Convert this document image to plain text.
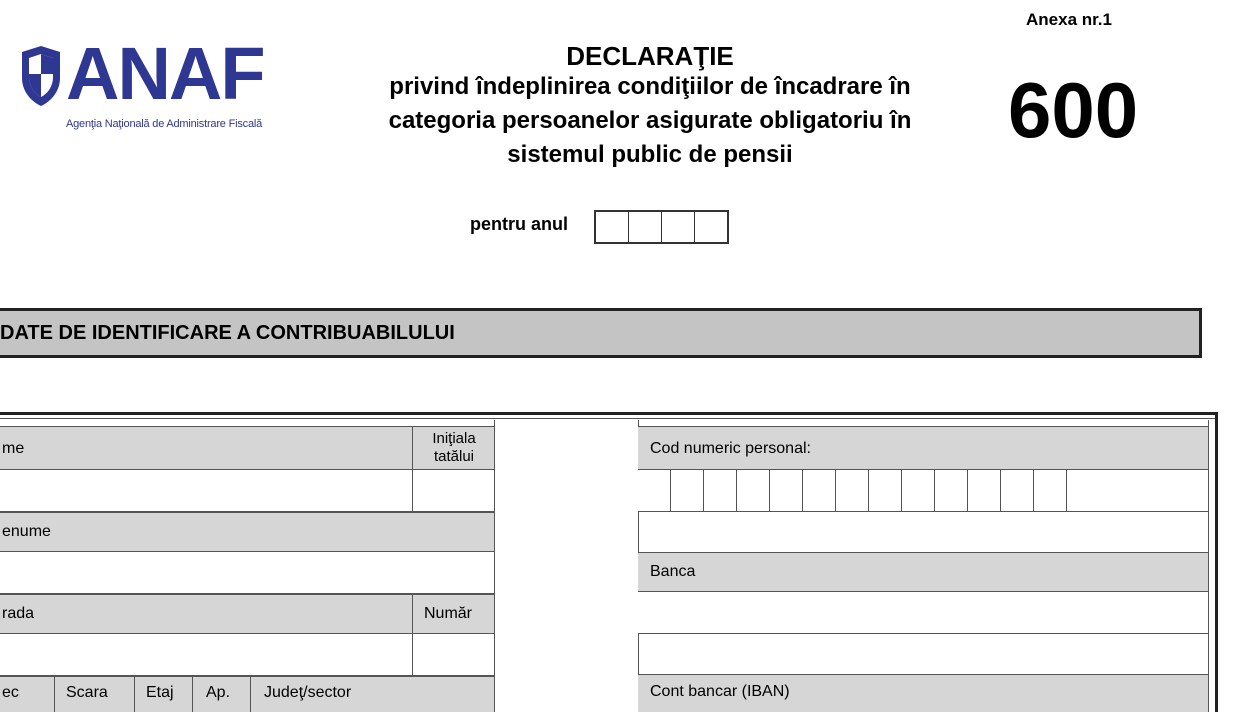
ANAF
Agenţia Naţională de Administrare Fiscală
DECLARAŢIE
privind îndeplinirea condiţiilor de încadrare în
categoria persoanelor asigurate obligatoriu în
sistemul public de pensii
Anexa nr.1
600
pentru anul
DATE DE IDENTIFICARE A CONTRIBUABILULUI
me
Iniţiala tatălui
enume
rada	Număr
ec	Scara Etaj Ap. Judeţ/sector
Cod numeric personal:
Banca
Cont bancar (IBAN)
